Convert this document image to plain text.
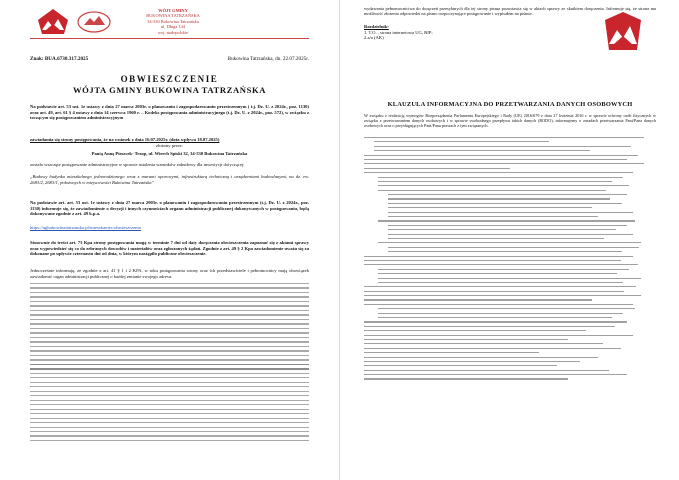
WÓJT GMINY
BUKOWINA TATRZAŃSKA
34-530 Bukowina Tatrzańska
ul. Długa 144
woj. małopolskie
Znak: BUA.6730.317.2025	Bukowina Tatrzańska, dn. 22.07.2025r.
OBWIESZCZENIE
WÓJTA GMINY BUKOWINA TATRZAŃSKA
Na podstawie art. 53 ust. 1e ustawy z dnia 27 marca 2003r. o planowaniu i zagospodarowaniu przestrzennym ( t.j. Dz. U. z 2024r., poz. 1130) oraz art. 49, art. 61 § 4 ustawy z dnia 14 czerwca 1960 r. – Kodeks postępowania administracyjnego (t.j. Dz. U. z 2024r., poz. 572), w związku z toczącym się postępowaniem administracyjnym
zawiadamia się strony postępowania, że na wniosek z dnia 16.07.2025r. (data wpływu 18.07.2025)
złożony przez:
Panią Annę Pieszcek- Trzop, ul. Wierch Spiski 32, 34-530 Bukowina Tatrzańska
zostało wszczęte postępowanie administracyjne w sprawie ustalenia warunków zabudowy dla inwestycji dotyczącej:
„Budowy budynku mieszkalnego jednorodzinnego wraz z murami oporowymi, infrastrukturą techniczną i urządzeniami budowlanymi, na dz. ew. 2683/2, 2683/1, położonych w miejscowości Bukowina Tatrzańska”
Na podstawie art. art. 53 ust. 1e ustawy z dnia 27 marca 2003r. o planowaniu i zagospodarowaniu przestrzennym (t.j. Dz. U. z 2024r., poz. 1130) informuje się, że zawiadomienie o decyzji i innych czynnościach organu administracji publicznej dokonywanych w postępowaniu, będą dokonywane zgodnie z art. 49 k.p.a.
https://ugbukowinatatrzanska.pl/mieszkaniec/obwieszczenia
Stosownie do treści art. 73 Kpa strony postępowania mogą w terminie 7 dni od daty doręczenia obwieszczenia zapoznać się z aktami sprawy oraz wypowiedzieć się co do zebranych dowodów i materiałów oraz zgłoszonych żądań. Zgodnie z art. 49 § 2 Kpa zawiadomienie uważa się za dokonane po upływie czternastu dni od dnia, w którym nastąpiło publiczne obwieszczenie.
Jednocześnie informuję, że zgodnie z art. 41 § 1 i 2 KPA, w toku postępowania strony oraz ich przedstawiciele i pełnomocnicy mają obowiązek zawiadomić organ administracji publicznej o każdej zmianie swojego adresu.
wydawania pełnomocnictwa do doręczeń przesyłanych dla tej strony pisma pozostawia się w aktach sprawy ze skutkiem doręczenia. Informuje się, że strona ma możliwość złożenia odpowiedzi na pismo rozpoczynające postępowanie i wypisałem na piśmie.
Rozdzielnik:
1. T.O. , strona internetowa UG, BIP;
2.a/a (AK)
KLAUZULA INFORMACYJNA DO PRZETWARZANIA DANYCH OSOBOWYCH
W związku z realizacją wymogów Rozporządzenia Parlamentu Europejskiego i Rady (UE) 2016/679 z dnia 27 kwietnia 2016 r. w sprawie ochrony osób fizycznych w związku z przetwarzaniem danych osobowych i w sprawie swobodnego przepływu takich danych (RODO), informujemy o zasadach przetwarzania Pani/Pana danych osobowych oraz o przysługujących Pani/Panu prawach z tym związanych.
